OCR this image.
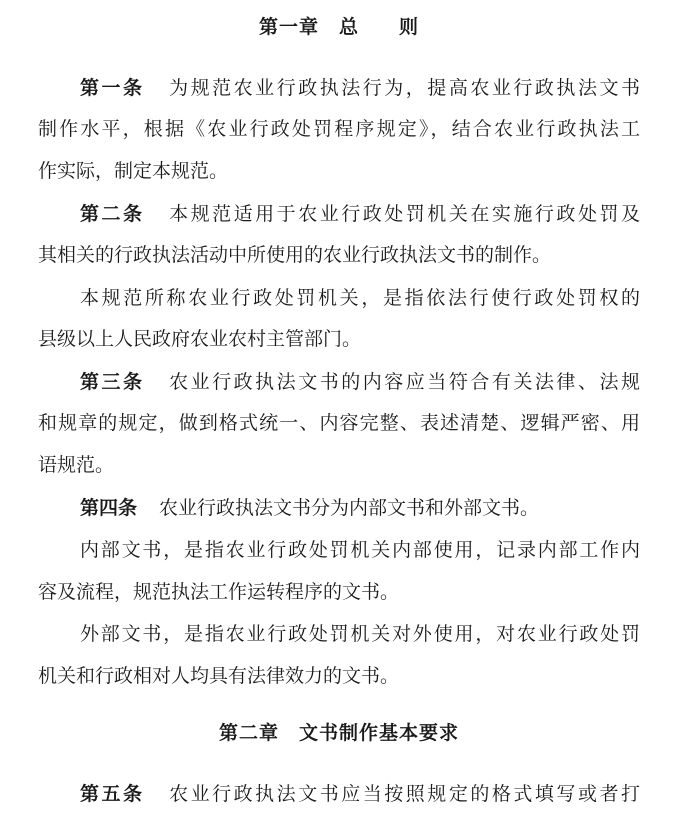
第一章　总　　则
第一条 为规范农业行政执法行为，提高农业行政执法文书
制作水平，根据《农业行政处罚程序规定》，结合农业行政执法工
作实际，制定本规范。
第二条 本规范适用于农业行政处罚机关在实施行政处罚及
其相关的行政执法活动中所使用的农业行政执法文书的制作。
本规范所称农业行政处罚机关，是指依法行使行政处罚权的
县级以上人民政府农业农村主管部门。
第三条 农业行政执法文书的内容应当符合有关法律、法规
和规章的规定，做到格式统一、内容完整、表述清楚、逻辑严密、用
语规范。
第四条 农业行政执法文书分为内部文书和外部文书。
内部文书，是指农业行政处罚机关内部使用，记录内部工作内
容及流程，规范执法工作运转程序的文书。
外部文书，是指农业行政处罚机关对外使用，对农业行政处罚
机关和行政相对人均具有法律效力的文书。
第二章　文书制作基本要求
第五条 农业行政执法文书应当按照规定的格式填写或者打
